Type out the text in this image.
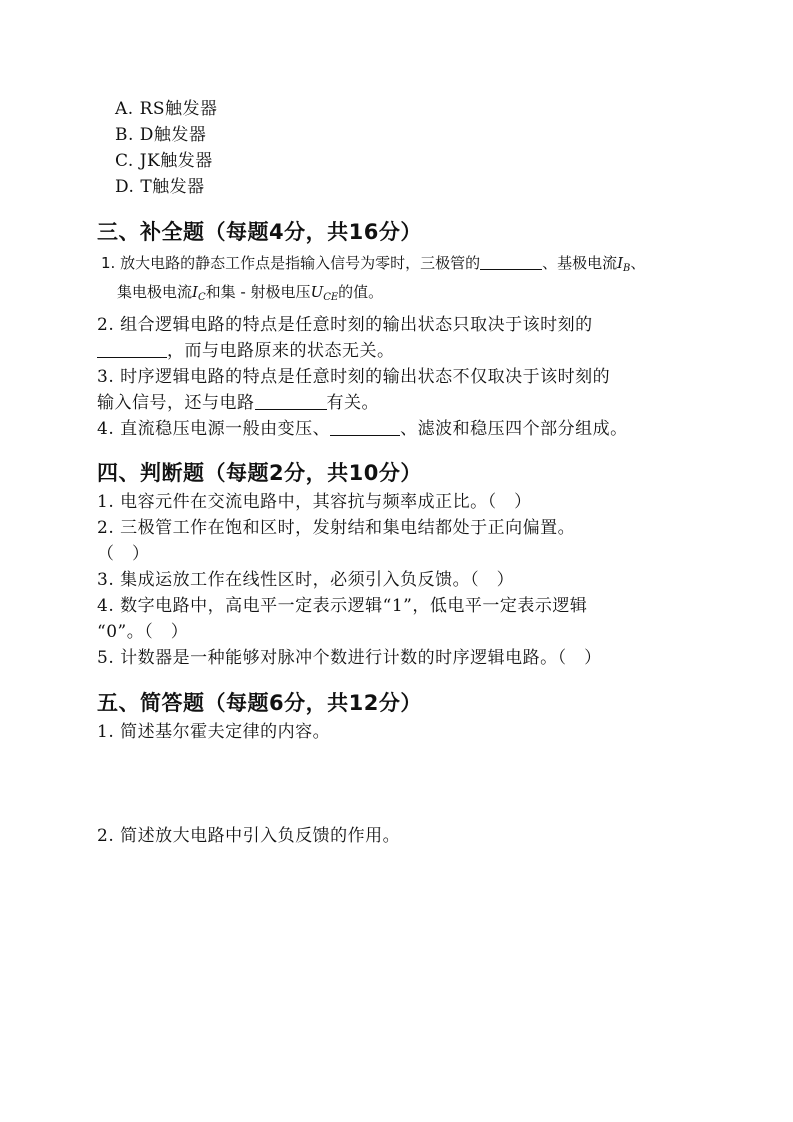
A. RS触发器
B. D触发器
C. JK触发器
D. T触发器
三、补全题（每题4分，共16分）
1. 放大电路的静态工作点是指输入信号为零时，三极管的	、基极电流$I_B$、
集电极电流$I_C$和集 - 射极电压$U_{CE}$的值。
2. 组合逻辑电路的特点是任意时刻的输出状态只取决于该时刻的
，而与电路原来的状态无关。
3. 时序逻辑电路的特点是任意时刻的输出状态不仅取决于该时刻的
输入信号，还与电路	有关。
4. 直流稳压电源一般由变压、	、滤波和稳压四个部分组成。
四、判断题（每题2分，共10分）
1. 电容元件在交流电路中，其容抗与频率成正比。（　）
2. 三极管工作在饱和区时，发射结和集电结都处于正向偏置。
（　）
3. 集成运放工作在线性区时，必须引入负反馈。（　）
4. 数字电路中，高电平一定表示逻辑“1”，低电平一定表示逻辑
“0”。（　）
5. 计数器是一种能够对脉冲个数进行计数的时序逻辑电路。（　）
五、简答题（每题6分，共12分）
1. 简述基尔霍夫定律的内容。
2. 简述放大电路中引入负反馈的作用。
